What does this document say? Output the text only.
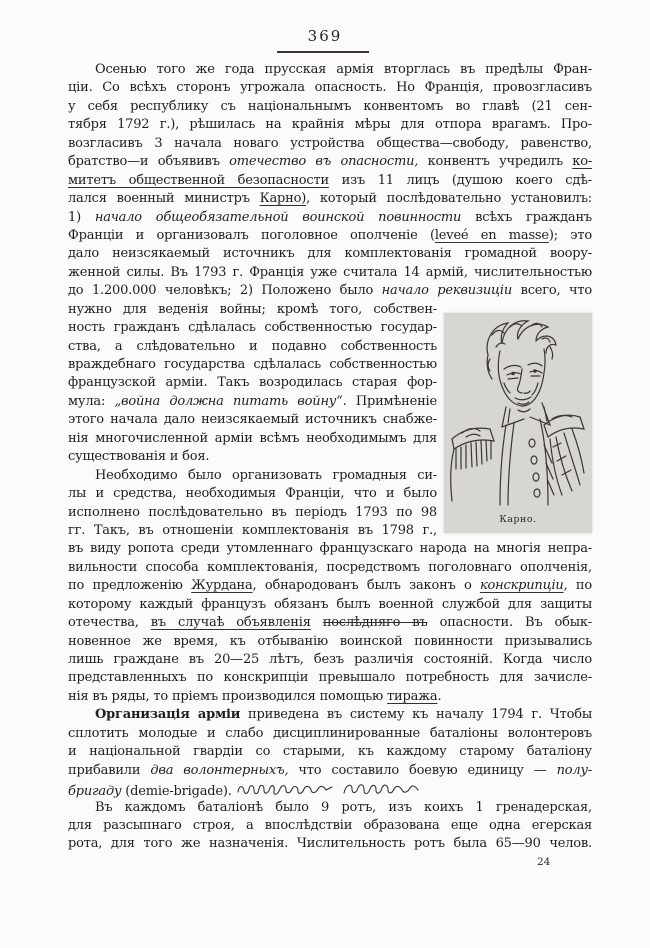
369
Осенью того же года прусская армія вторглась въ предѣлы Фран-
ціи. Со всѣхъ сторонъ угрожала опасность. Но Франція, провозгласивъ
у себя республику съ національнымъ конвентомъ во главѣ (21 сен-
тября 1792 г.), рѣшилась на крайнія мѣры для отпора врагамъ. Про-
возгласивъ 3 начала новаго устройства общества—свободу, равенство,
братство—и объявивъ отечество въ опасности, конвентъ учредилъ ко-
митетъ общественной безопасности изъ 11 лицъ (душою коего сдѣ-
лался военный министръ Карно), который послѣдовательно установилъ:
1) начало общеобязательной воинской повинности всѣхъ гражданъ
Франціи и организовалъ поголовное ополченіе (leveé en masse); это
дало неизсякаемый источникъ для комплектованія громадной воору-
женной силы. Въ 1793 г. Франція уже считала 14 армій, числительностью
до 1.200.000 человѣкъ; 2) Положено было начало реквизиціи всего, что
нужно для веденія войны; кромѣ того, собствен-
ность гражданъ сдѣлалась собственностью государ-
ства, а слѣдовательно и подавно собственность
враждебнаго государства сдѣлалась собственностью
французской арміи. Такъ возродилась старая фор-
мула: „война должна питать войну“. Примѣненіе
этого начала дало неизсякаемый источникъ снабже-
нія многочисленной арміи всѣмъ необходимымъ для
существованія и боя.
Необходимо было организовать громадныя си-
лы и средства, необходимыя Франціи, что и было
исполнено послѣдовательно въ періодъ 1793 по 98
гг. Такъ, въ отношеніи комплектованія въ 1798 г.,
въ виду ропота среди утомленнаго французскаго народа на многія непра-
вильности способа комплектованія, посредствомъ поголовнаго ополченія,
по предложенію Журдана, обнародованъ былъ законъ о конскрипціи, по
которому каждый французъ обязанъ былъ военной службой для защиты
отечества, въ случаѣ объявленія послѣдняго въ опасности. Въ обык-
новенное же время, къ отбыванію воинской повинности призывались
лишь граждане въ 20—25 лѣтъ, безъ различія состояній. Когда число
представленныхъ по конскрипціи превышало потребность для зачисле-
нія въ ряды, то пріемъ производился помощью тиража.
Организація арміи приведена въ систему къ началу 1794 г. Чтобы
сплотить молодые и слабо дисциплинированные баталіоны волонтеровъ
и національной гвардіи со старыми, къ каждому старому баталіону
прибавили два волонтерныхъ, что составило боевую единицу — полу-
бригаду (demie-brigade).
Въ каждомъ баталіонѣ было 9 ротъ, изъ коихъ 1 гренадерская,
для разсыпнаго строя, а впослѣдствіи образована еще одна егерская
рота, для того же назначенія. Числительность ротъ была 65—90 челов.
Карно.
24
